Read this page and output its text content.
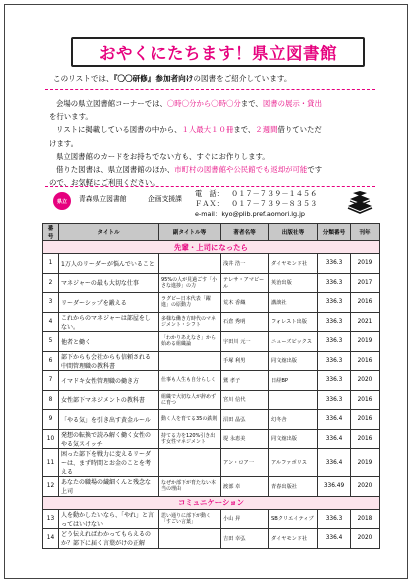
おやくにたちます！県立図書館
このリストでは、『〇〇研修』参加者向けの図書をご紹介しています。

会場の県立図書館コーナーでは、〇時〇分から〇時〇分まで、図書の展示・貸出

を行います。

リストに掲載している図書の中から、１人最大１０冊まで、２週間借りていただ

けます。

県立図書館のカードをお持ちでない方も、すぐにお作りします。

借りた図書は、県立図書館のほか、市町村の図書館や公民館でも返却が可能です

ので、お気軽にご利用ください。

県立	青森県立図書館	企画支援課
電　話： ０１７－７３９－１４５６
ＦＡＸ： ０１７－７３９－８３５３
e-mail：kyo@plib.pref.aomori.lg.jp
番号	タイトル	副タイトル等	著者名等	出版社等	分類番号	刊年
先輩・上司になったら						
1	1万人のリーダーが悩んでいること		浅井 浩一	ダイヤモンド社	336.3	2019
2	マネジャーの最も大切な仕事	95%の人が見過ごす「小さな進捗」の力	テレサ・アマビール	英治出版	336.3	2017
3	リーダーシップを鍛える	ラグビー日本代表「躍進」の原動力	荒木 香織	講談社	336.3	2016
4	これからのマネジャーは部屋をしない。	多様な働き方時代のマネジメント・シフト	石倉 秀明	フォレスト出版	336.3	2021
5	他者と働く	「わかりあえなさ」から始める組織論	宇田川 元一	ニューズピックス	336.3	2019
6	部下からも会社からも信頼される中間管理職の教科書		手塚 利男	同文舘出版	336.3	2016
7	イマドキ女性管理職の働き方	仕事も人生も自分らしく	鷲 孝子	日経BP	336.3	2020
8	女性部下マネジメントの教科書	組織で大切な人が辞めずに育つ	宮川 信代		336.3	2016
9	「やる気」を引き出す黄金ルール	動く人を育てる35の鉄則	沼田 晶弘	幻冬舎	336.4	2016
10	発想の転換で読み解く働く女性のやる気スイッチ	持てる力を120%引き出す女性マネジメント	堤 永恵美	同文舘出版	336.4	2016
11	困った部下を戦力に変えるリーダーは、まず時間とお金のことを考える		アン・ロア一	アルファポリス	336.4	2019
12	あなたの職場の繊細くんと残念な上司	なぜか部下が育たない本当の理由	渡部 卓	青春出版社	336.49	2020
コミュニケーション						
13	人を動かしたいなら、「やれ」と言ってはいけない	思い通りに部下が動く「すごい言葉」	小山 昇	SBクリエイティブ	336.3	2018
14	どう伝えればわかってもらえるのか？部下に届く言葉がけの正解		吉田 幸弘	ダイヤモンド社	336.4	2020
